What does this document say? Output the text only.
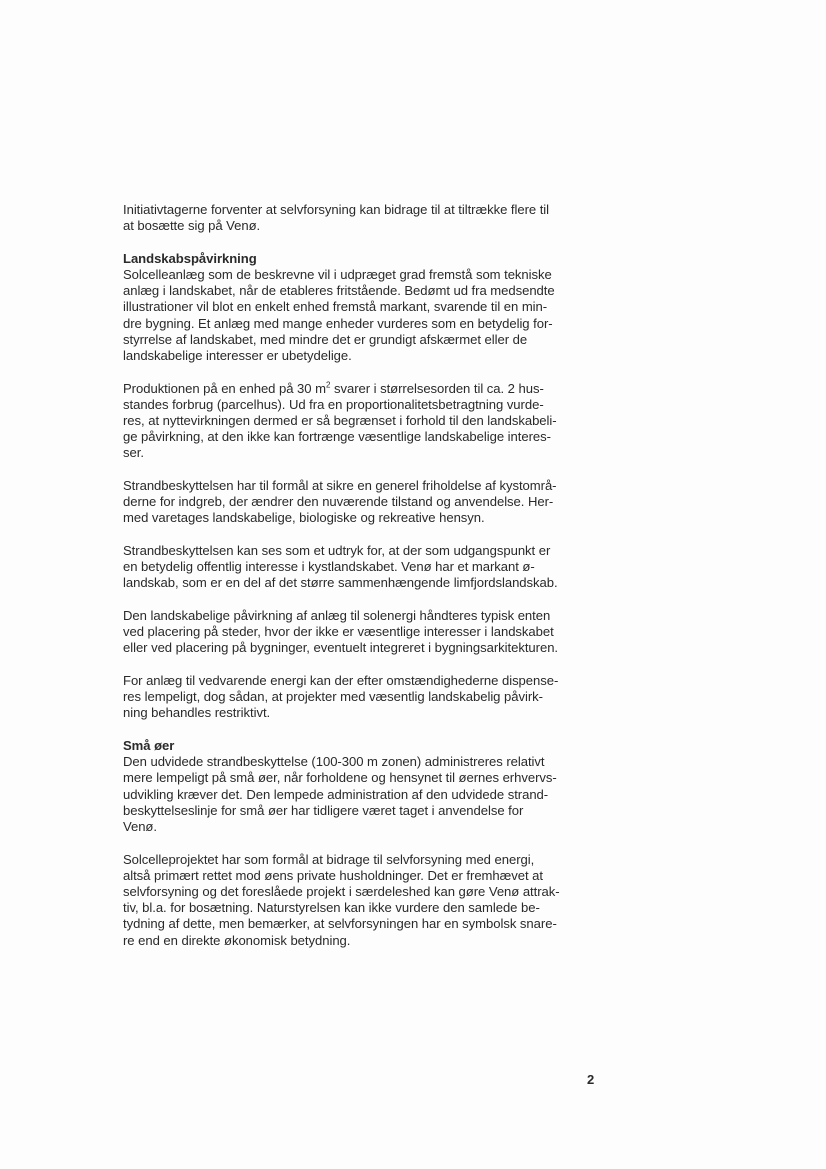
Initiativtagerne forventer at selvforsyning kan bidrage til at tiltrække flere til
at bosætte sig på Venø.
Landskabspåvirkning
Solcelleanlæg som de beskrevne vil i udpræget grad fremstå som tekniske
anlæg i landskabet, når de etableres fritstående. Bedømt ud fra medsendte
illustrationer vil blot en enkelt enhed fremstå markant, svarende til en min-
dre bygning. Et anlæg med mange enheder vurderes som en betydelig for-
styrrelse af landskabet, med mindre det er grundigt afskærmet eller de
landskabelige interesser er ubetydelige.
Produktionen på en enhed på 30 $m^2$ svarer i størrelsesorden til ca. 2 hus-
standes forbrug (parcelhus). Ud fra en proportionalitetsbetragtning vurde-
res, at nyttevirkningen dermed er så begrænset i forhold til den landskabeli-
ge påvirkning, at den ikke kan fortrænge væsentlige landskabelige interes-
ser.
Strandbeskyttelsen har til formål at sikre en generel friholdelse af kystområ-
derne for indgreb, der ændrer den nuværende tilstand og anvendelse. Her-
med varetages landskabelige, biologiske og rekreative hensyn.
Strandbeskyttelsen kan ses som et udtryk for, at der som udgangspunkt er
en betydelig offentlig interesse i kystlandskabet. Venø har et markant ø-
landskab, som er en del af det større sammenhængende limfjordslandskab.
Den landskabelige påvirkning af anlæg til solenergi håndteres typisk enten
ved placering på steder, hvor der ikke er væsentlige interesser i landskabet
eller ved placering på bygninger, eventuelt integreret i bygningsarkitekturen.
For anlæg til vedvarende energi kan der efter omstændighederne dispense-
res lempeligt, dog sådan, at projekter med væsentlig landskabelig påvirk-
ning behandles restriktivt.
Små øer
Den udvidede strandbeskyttelse (100-300 m zonen) administreres relativt
mere lempeligt på små øer, når forholdene og hensynet til øernes erhvervs-
udvikling kræver det. Den lempede administration af den udvidede strand-
beskyttelseslinje for små øer har tidligere været taget i anvendelse for
Venø.
Solcelleprojektet har som formål at bidrage til selvforsyning med energi,
altså primært rettet mod øens private husholdninger. Det er fremhævet at
selvforsyning og det foreslåede projekt i særdeleshed kan gøre Venø attrak-
tiv, bl.a. for bosætning. Naturstyrelsen kan ikke vurdere den samlede be-
tydning af dette, men bemærker, at selvforsyningen har en symbolsk snare-
re end en direkte økonomisk betydning.
2
